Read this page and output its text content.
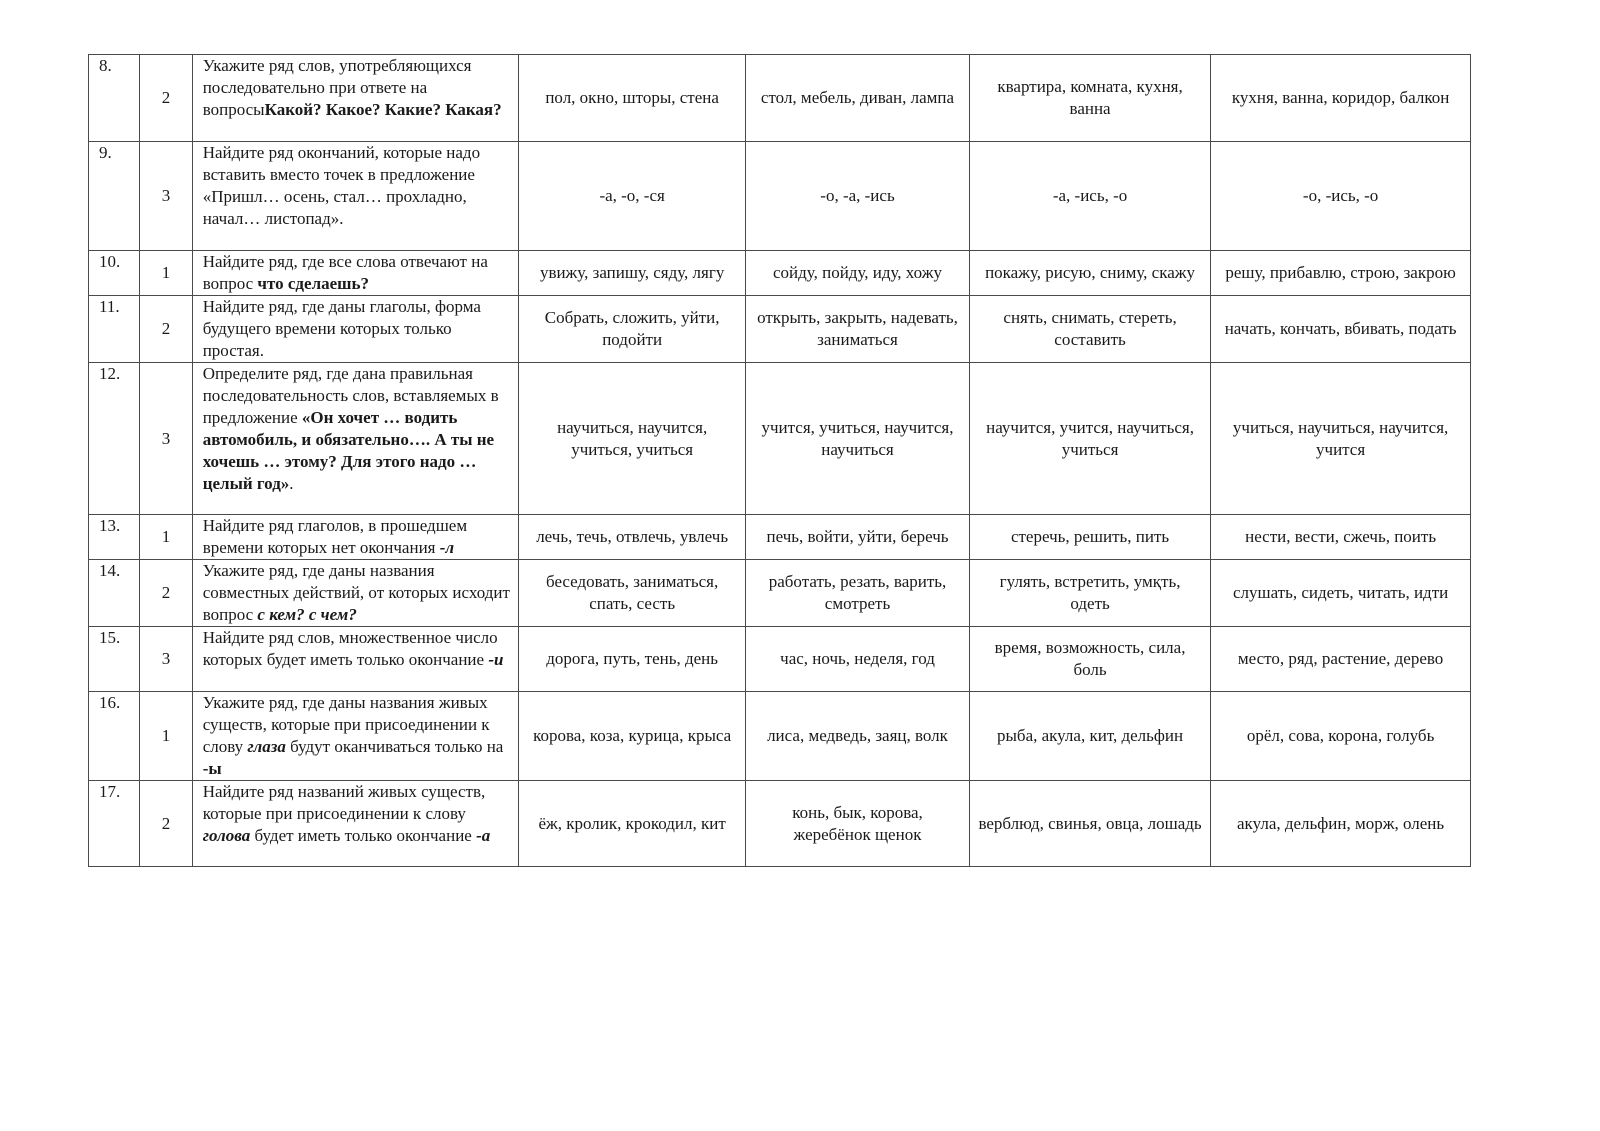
8.	2	Укажите ряд слов, употребляющихся последовательно при ответе на вопросыКакой? Какое? Какие? Какая?	пол, окно, шторы, стена	стол, мебель, диван, лампа	квартира, комната, кухня, ванна	кухня, ванна, коридор, балкон
9.	3	Найдите ряд окончаний, которые надо вставить вместо точек в предложение «Пришл… осень, стал… прохладно, начал… листопад».	-а, -о, -ся	-о, -а, -ись	-а, -ись, -о	-о, -ись, -о
10.	1	Найдите ряд, где все слова отвечают на вопрос что сделаешь?	увижу, запишу, сяду, лягу	сойду, пойду, иду, хожу	покажу, рисую, сниму, скажу	решу, прибавлю, строю, закрою
11.	2	Найдите ряд, где даны глаголы, форма будущего времени которых только простая.	Собрать, сложить, уйти, подойти	открыть, закрыть, надевать, заниматься	снять, снимать, стереть, составить	начать, кончать, вбивать, подать
12.	3	Определите ряд, где дана правильная последовательность слов, вставляемых в предложение «Он хочет … водить автомобиль, и обязательно…. А ты не хочешь … этому? Для этого надо … целый год».	научиться, научится, учиться, учиться	учится, учиться, научится, научиться	научится, учится, научиться, учиться	учиться, научиться, научится, учится
13.	1	Найдите ряд глаголов, в прошедшем времени которых нет окончания -л	лечь, течь, отвлечь, увлечь	печь, войти, уйти, беречь	стеречь, решить, пить	нести, вести, сжечь, поить
14.	2	Укажите ряд, где даны названия совместных действий, от которых исходит вопрос с кем? с чем?	беседовать, заниматься, спать, сесть	работать, резать, варить, смотреть	гулять, встретить, умқть, одеть	слушать, сидеть, читать, идти
15.	3	Найдите ряд слов, множественное число которых будет иметь только окончание -и	дорога, путь, тень, день	час, ночь, неделя, год	время, возможность, сила, боль	место, ряд, растение, дерево
16.	1	Укажите ряд, где даны названия живых существ, которые при присоединении к слову глаза будут оканчиваться только на -ы	корова, коза, курица, крыса	лиса, медведь, заяц, волк	рыба, акула, кит, дельфин	орёл, сова, корона, голубь
17.	2	Найдите ряд названий живых существ, которые при присоединении к слову голова будет иметь только окончание -а	ёж, кролик, крокодил, кит	конь, бык, корова, жеребёнок щенок	верблюд, свинья, овца, лошадь	акула, дельфин, морж, олень
